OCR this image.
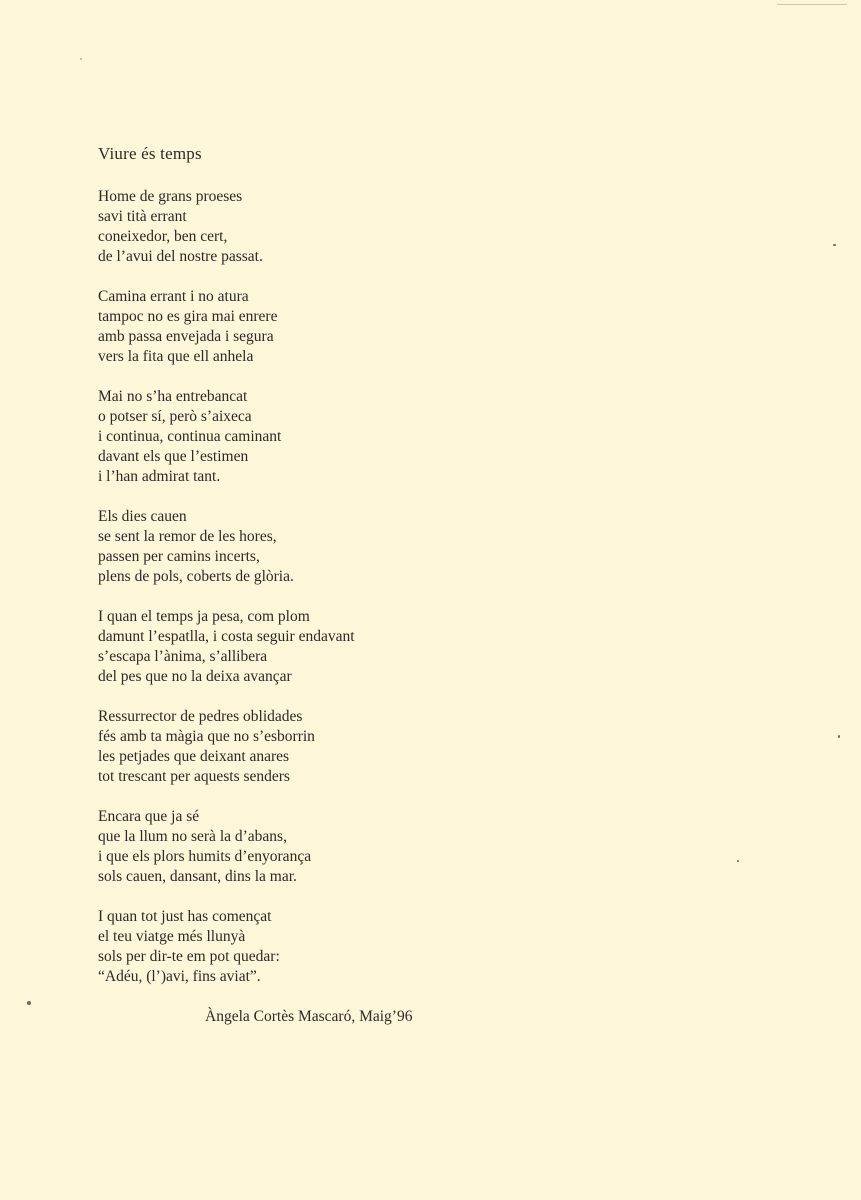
Viure és temps
Home de grans proeses
savi tità errant
coneixedor, ben cert,
de l’avui del nostre passat.
Camina errant i no atura
tampoc no es gira mai enrere
amb passa envejada i segura
vers la fita que ell anhela
Mai no s’ha entrebancat
o potser sí, però s’aixeca
i continua, continua caminant
davant els que l’estimen
i l’han admirat tant.
Els dies cauen
se sent la remor de les hores,
passen per camins incerts,
plens de pols, coberts de glòria.
I quan el temps ja pesa, com plom
damunt l’espatlla, i costa seguir endavant
s’escapa l’ànima, s’allibera
del pes que no la deixa avançar
Ressurrector de pedres oblidades
fés amb ta màgia que no s’esborrin
les petjades que deixant anares
tot trescant per aquests senders
Encara que ja sé
que la llum no serà la d’abans,
i que els plors humits d’enyorança
sols cauen, dansant, dins la mar.
I quan tot just has començat
el teu viatge més llunyà
sols per dir-te em pot quedar:
“Adéu, (l’)avi, fins aviat”.
Àngela Cortès Mascaró, Maig’96
